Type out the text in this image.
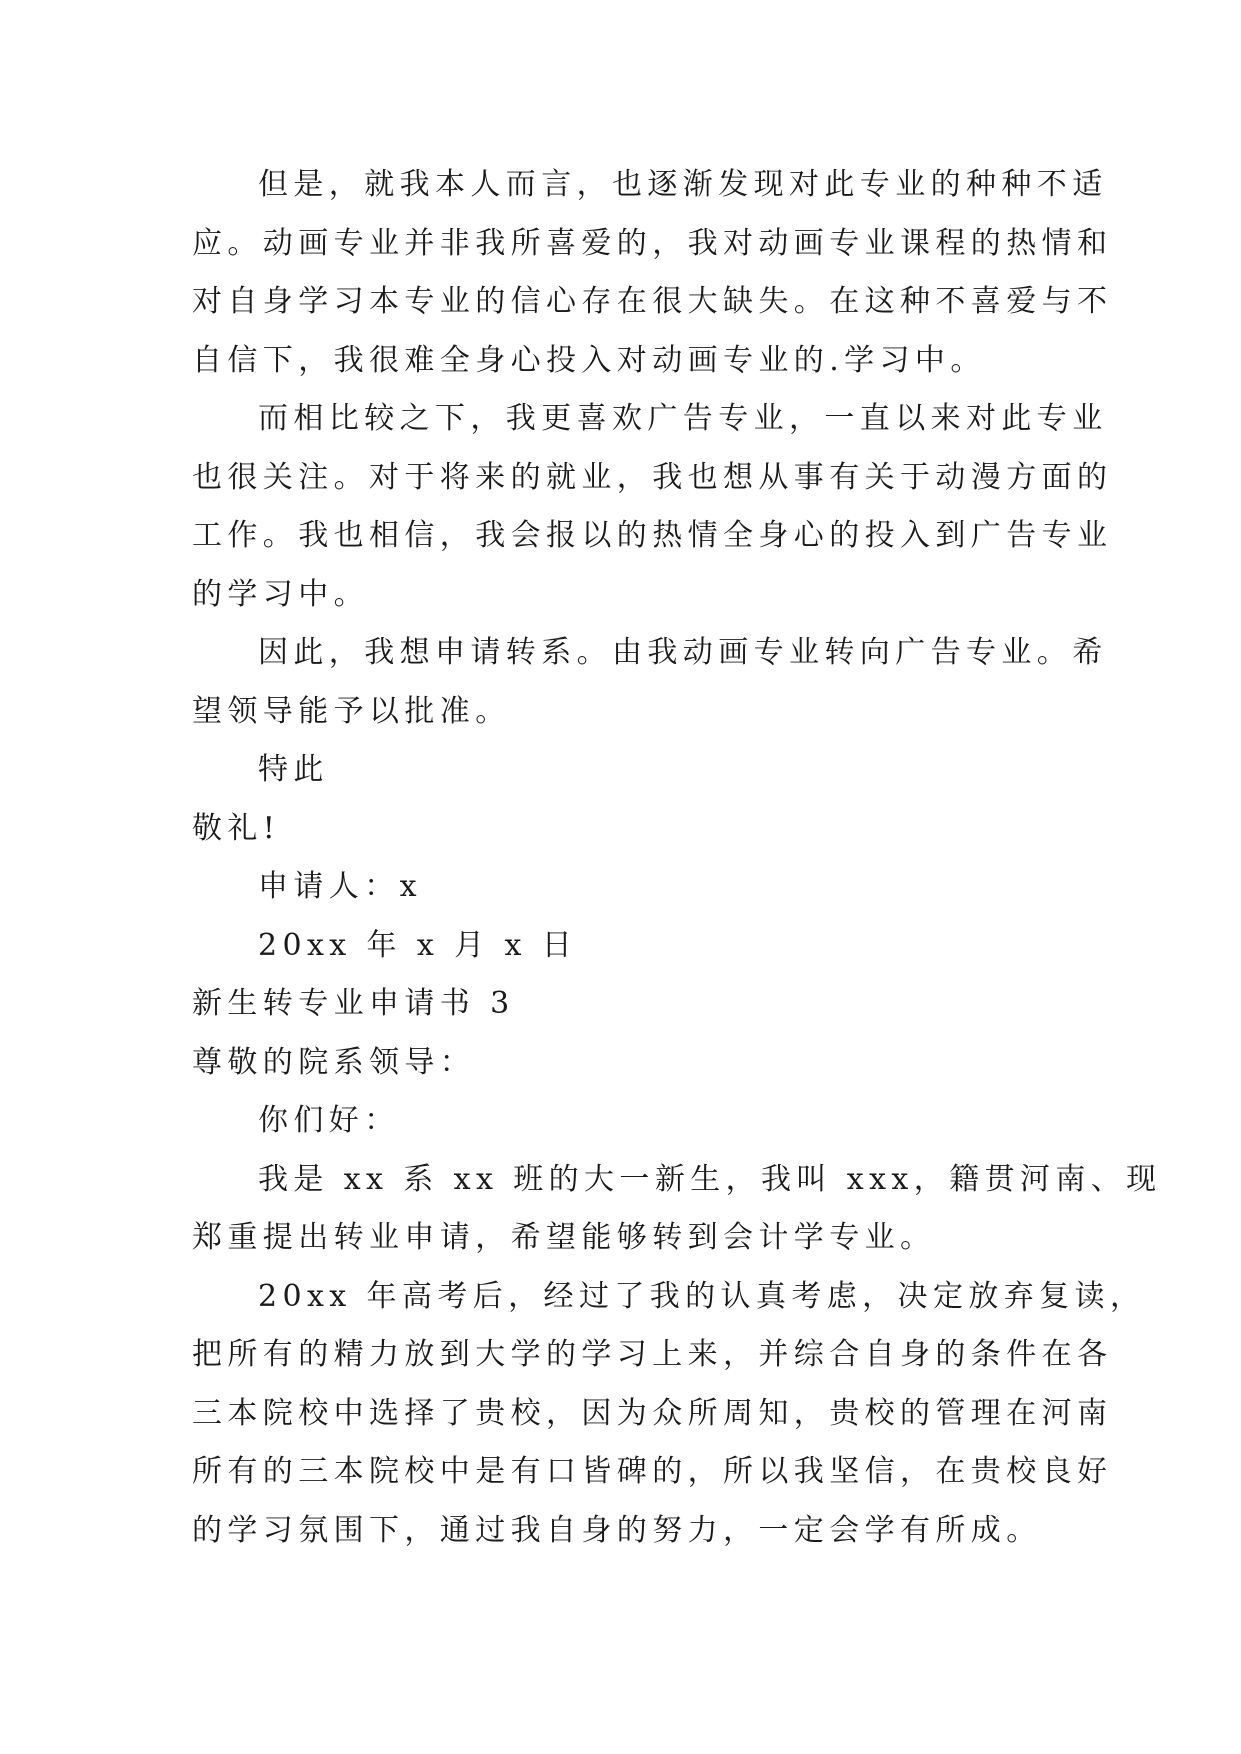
但是，就我本人而言，也逐渐发现对此专业的种种不适
应。动画专业并非我所喜爱的，我对动画专业课程的热情和
对自身学习本专业的信心存在很大缺失。在这种不喜爱与不
自信下，我很难全身心投入对动画专业的.学习中。
而相比较之下，我更喜欢广告专业，一直以来对此专业
也很关注。对于将来的就业，我也想从事有关于动漫方面的
工作。我也相信，我会报以的热情全身心的投入到广告专业
的学习中。
因此，我想申请转系。由我动画专业转向广告专业。希
望领导能予以批准。
特此
敬礼!
申请人：x
20xx 年 x 月 x 日
新生转专业申请书 3
尊敬的院系领导：
你们好：
我是 xx 系 xx 班的大一新生，我叫 xxx，籍贯河南、现
郑重提出转业申请，希望能够转到会计学专业。
20xx 年高考后，经过了我的认真考虑，决定放弃复读，
把所有的精力放到大学的学习上来，并综合自身的条件在各
三本院校中选择了贵校，因为众所周知，贵校的管理在河南
所有的三本院校中是有口皆碑的，所以我坚信，在贵校良好
的学习氛围下，通过我自身的努力，一定会学有所成。
